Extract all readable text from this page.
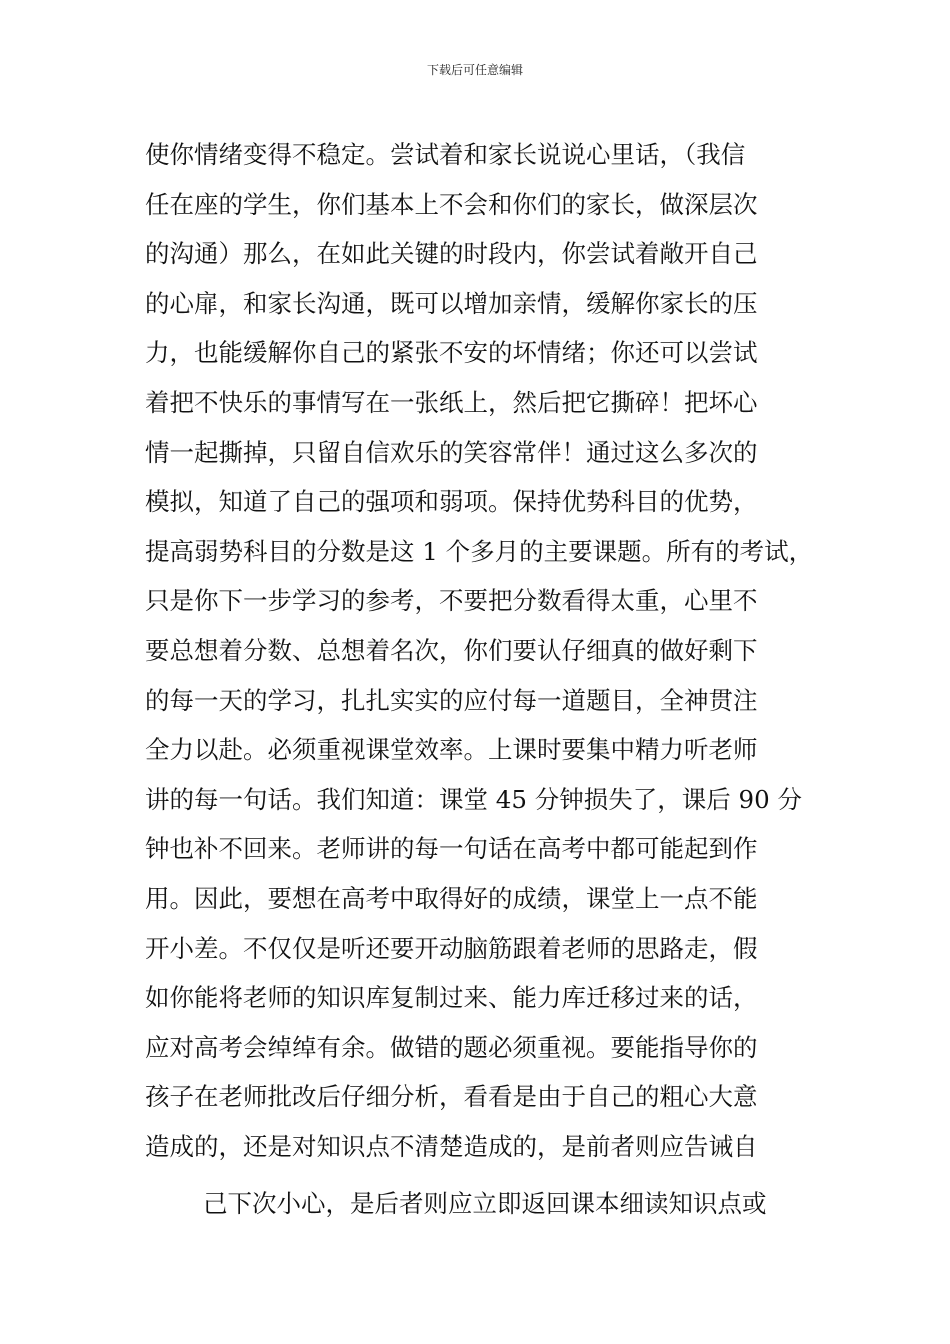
下载后可任意编辑
使你情绪变得不稳定。尝试着和家长说说心里话，（我信
任在座的学生，你们基本上不会和你们的家长，做深层次
的沟通）那么，在如此关键的时段内，你尝试着敞开自己
的心扉，和家长沟通，既可以增加亲情，缓解你家长的压
力，也能缓解你自己的紧张不安的坏情绪；你还可以尝试
着把不快乐的事情写在一张纸上，然后把它撕碎！把坏心
情一起撕掉，只留自信欢乐的笑容常伴！通过这么多次的
模拟，知道了自己的强项和弱项。保持优势科目的优势，
提高弱势科目的分数是这 1 个多月的主要课题。所有的考试，
只是你下一步学习的参考，不要把分数看得太重，心里不
要总想着分数、总想着名次，你们要认仔细真的做好剩下
的每一天的学习，扎扎实实的应付每一道题目，全神贯注
全力以赴。必须重视课堂效率。上课时要集中精力听老师
讲的每一句话。我们知道：课堂 45 分钟损失了，课后 90 分
钟也补不回来。老师讲的每一句话在高考中都可能起到作
用。因此，要想在高考中取得好的成绩，课堂上一点不能
开小差。不仅仅是听还要开动脑筋跟着老师的思路走，假
如你能将老师的知识库复制过来、能力库迁移过来的话，
应对高考会绰绰有余。做错的题必须重视。要能指导你的
孩子在老师批改后仔细分析，看看是由于自己的粗心大意
造成的，还是对知识点不清楚造成的，是前者则应告诫自
己下次小心，是后者则应立即返回课本细读知识点或
